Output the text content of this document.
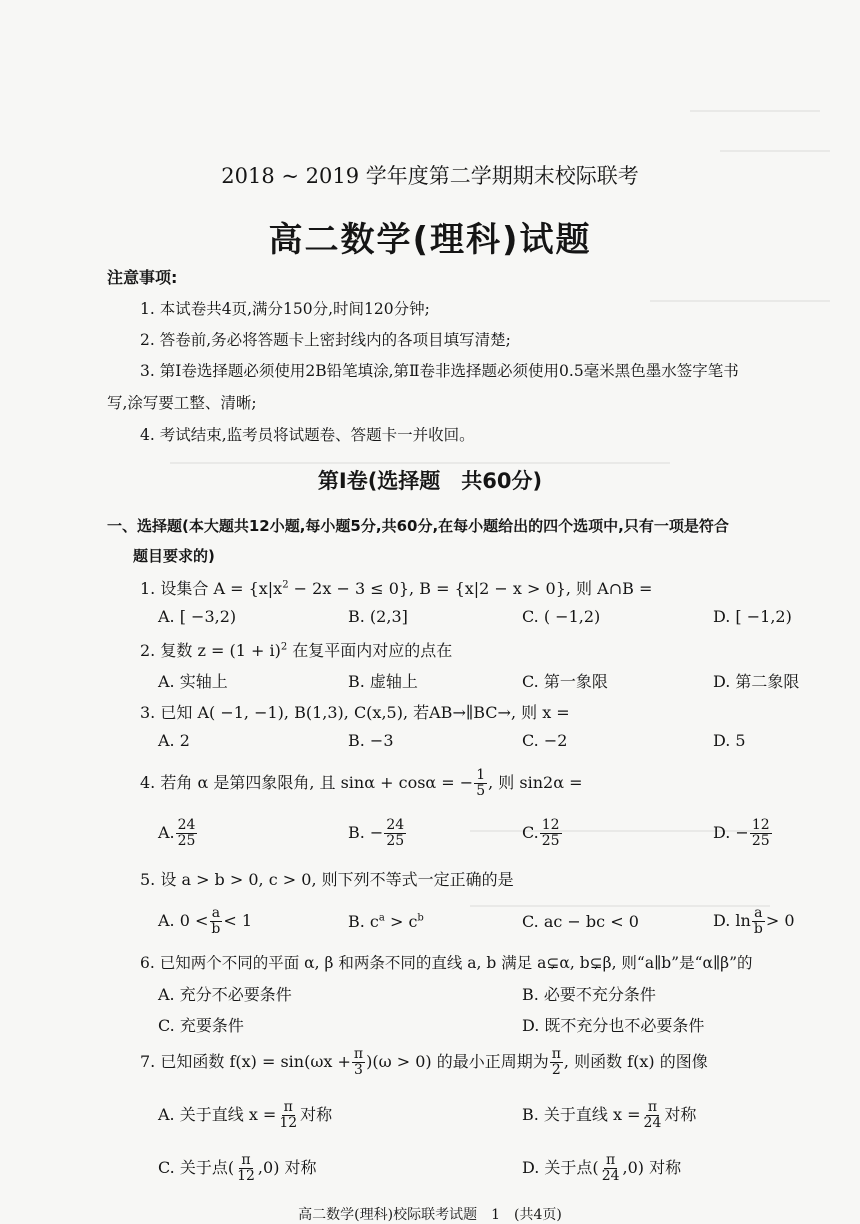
2018 ~ 2019 学年度第二学期期末校际联考
高二数学(理科)试题
注意事项:
1. 本试卷共4页,满分150分,时间120分钟;
2. 答卷前,务必将答题卡上密封线内的各项目填写清楚;
3. 第Ⅰ卷选择题必须使用2B铅笔填涂,第Ⅱ卷非选择题必须使用0.5毫米黑色墨水签字笔书
写,涂写要工整、清晰;
4. 考试结束,监考员将试题卷、答题卡一并收回。
第Ⅰ卷(选择题　共60分)
一、选择题(本大题共12小题,每小题5分,共60分,在每小题给出的四个选项中,只有一项是符合
题目要求的)
1. 设集合 $A = \{x|x^2 - 2x - 3 \le 0\}$, B = {x|2 − x > 0}, 则 A∩B =
A. [ −3,2)	B. (2,3]	C. ( −1,2)	D. [ −1,2)
2. 复数 $z = (1 + i)^2$ 在复平面内对应的点在
A. 实轴上	B. 虚轴上	C. 第一象限	D. 第二象限
3. 已知 A( −1, −1), B(1,3), C(x,5), 若AB→∥BC→, 则 x =
A. 2	B. −3	C. −2	D. 5
4. 若角 α 是第四象限角, 且 sinα + cosα = − $\frac{1}{5}$ , 则 sin2α =
A. $\frac{24}{25}$	B. − $\frac{24}{25}$	C. $\frac{12}{25}$	D. − $\frac{12}{25}$
5. 设 a > b > 0, c > 0, 则下列不等式一定正确的是
A. $0 < \frac{a}{b} < 1$	B. $c^a > c^b$	C. ac − bc < 0	D. $\ln \frac{a}{b} > 0$
6. 已知两个不同的平面 α, β 和两条不同的直线 a, b 满足 a⊊α, b⊊β, 则“a∥b”是“α∥β”的
A. 充分不必要条件	B. 必要不充分条件
C. 充要条件	D. 既不充分也不必要条件
7. 已知函数 $f(x) = \sin(\omega x + \frac{\pi}{3} )(\omega > 0)$ 的最小正周期为 $\frac{\pi}{2}$ , 则函数 f(x) 的图像
A. 关于直线 $x = \frac{\pi}{12}$ 对称	B. 关于直线 $x = \frac{\pi}{24}$ 对称
C. 关于点( $\frac{\pi}{12} ,0$) 对称	D. 关于点( $\frac{\pi}{24} ,0$) 对称
高二数学(理科)校际联考试题　1　(共4页)
